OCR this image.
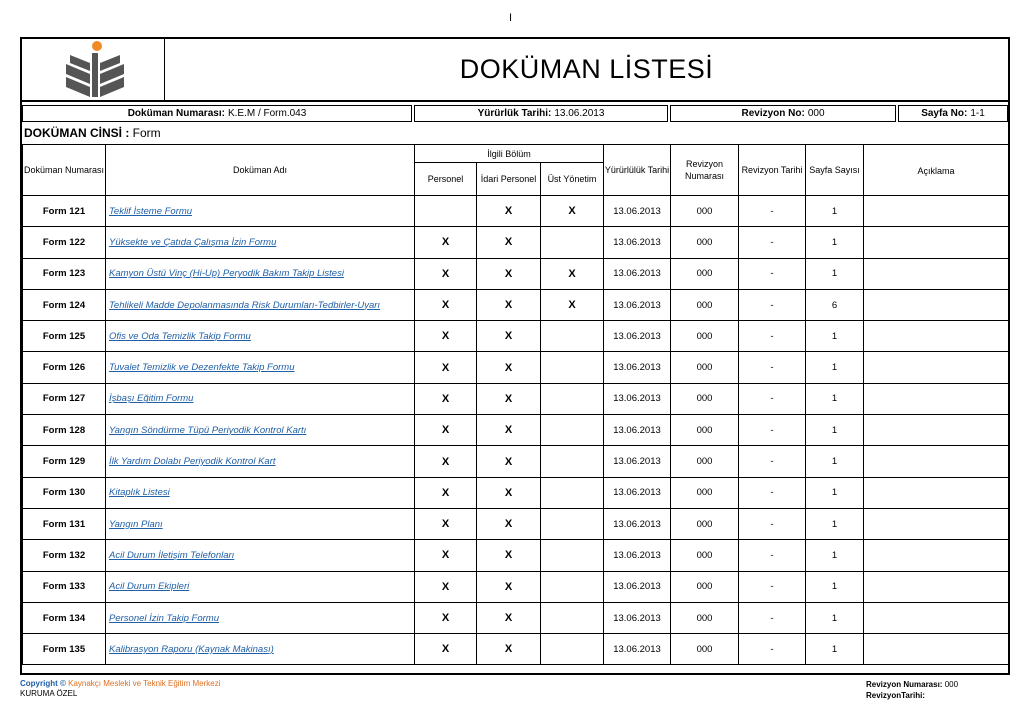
I
DOKÜMAN LİSTESİ
Doküman Numarası: K.E.M / Form.043	Yürürlük Tarihi: 13.06.2013	Revizyon No: 000	Sayfa No: 1-1
DOKÜMAN CİNSİ : Form
Doküman Numarası	Doküman Adı	İlgili Bölüm			Yürürlülük Tarihi	Revizyon Numarası	Revizyon Tarihi	Sayfa Sayısı	Açıklama
		Personel	İdari Personel	Üst Yönetim					
Form 121	Teklif İsteme Formu		X	X	13.06.2013	000	-	1	
Form 122	Yüksekte ve Çatıda Çalışma İzin Formu	X	X		13.06.2013	000	-	1	
Form 123	Kamyon Üstü Vinç (Hi-Up) Peryodik Bakım Takip Listesi	X	X	X	13.06.2013	000	-	1	
Form 124	Tehlikeli Madde Depolanmasında Risk Durumları-Tedbirler-Uyarı	X	X	X	13.06.2013	000	-	6	
Form 125	Ofis ve Oda Temizlik Takip Formu	X	X		13.06.2013	000	-	1	
Form 126	Tuvalet Temizlik ve Dezenfekte Takip Formu	X	X		13.06.2013	000	-	1	
Form 127	İşbaşı Eğitim Formu	X	X		13.06.2013	000	-	1	
Form 128	Yangın Söndürme Tüpü Periyodik Kontrol Kartı	X	X		13.06.2013	000	-	1	
Form 129	İlk Yardım Dolabı Periyodik Kontrol Kart	X	X		13.06.2013	000	-	1	
Form 130	Kitaplık Listesi	X	X		13.06.2013	000	-	1	
Form 131	Yangın Planı	X	X		13.06.2013	000	-	1	
Form 132	Acil Durum İletişim Telefonları	X	X		13.06.2013	000	-	1	
Form 133	Acil Durum Ekipleri	X	X		13.06.2013	000	-	1	
Form 134	Personel İzin Takip Formu	X	X		13.06.2013	000	-	1	
Form 135	Kalibrasyon Raporu (Kaynak Makinası)	X	X		13.06.2013	000	-	1	
Copyright © Kaynakçı Mesleki ve Teknik Eğitim Merkezi
KURUMA ÖZEL
Revizyon Numarası: 000
RevizyonTarihi:
